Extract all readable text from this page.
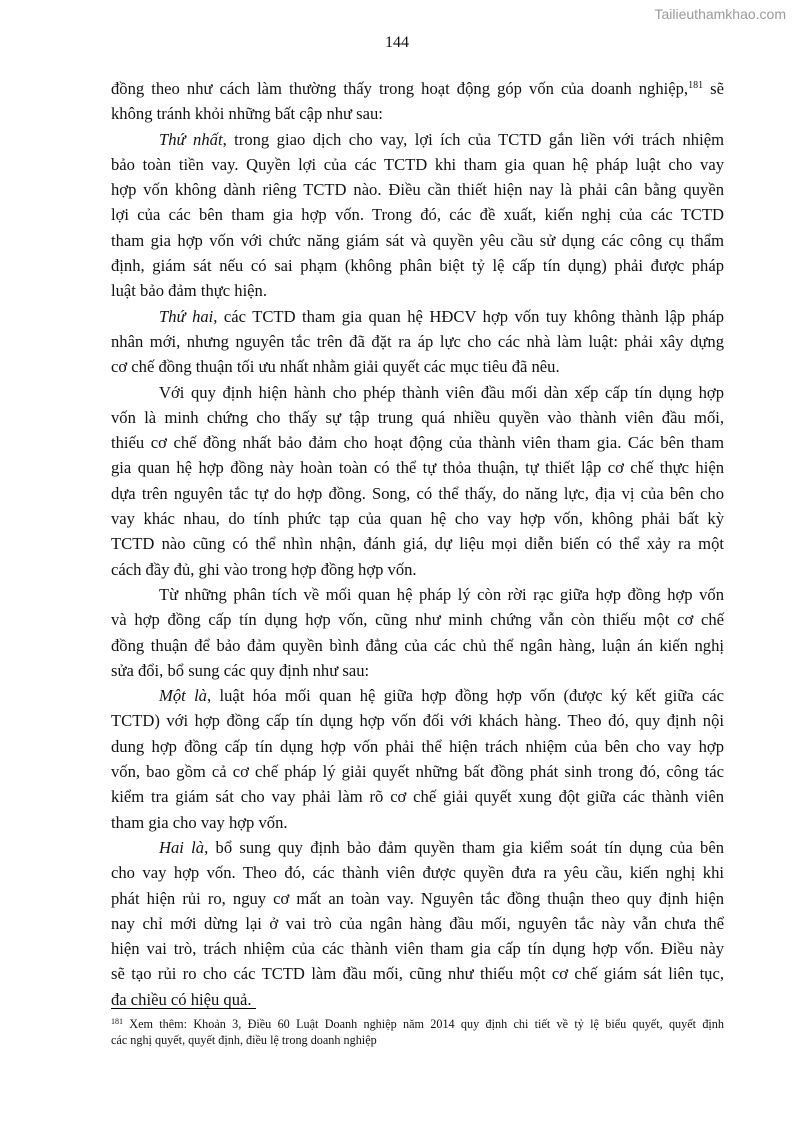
Tailieuthamkhao.com
144
đồng theo như cách làm thường thấy trong hoạt động góp vốn của doanh nghiệp,$^{181}$ sẽ
không tránh khỏi những bất cập như sau:
Thứ nhất, trong giao dịch cho vay, lợi ích của TCTD gắn liền với trách nhiệm
bảo toàn tiền vay. Quyền lợi của các TCTD khi tham gia quan hệ pháp luật cho vay
hợp vốn không dành riêng TCTD nào. Điều cần thiết hiện nay là phải cân bằng quyền
lợi của các bên tham gia hợp vốn. Trong đó, các đề xuất, kiến nghị của các TCTD
tham gia hợp vốn với chức năng giám sát và quyền yêu cầu sử dụng các công cụ thẩm
định, giám sát nếu có sai phạm (không phân biệt tỷ lệ cấp tín dụng) phải được pháp
luật bảo đảm thực hiện.
Thứ hai, các TCTD tham gia quan hệ HĐCV hợp vốn tuy không thành lập pháp
nhân mới, nhưng nguyên tắc trên đã đặt ra áp lực cho các nhà làm luật: phải xây dựng
cơ chế đồng thuận tối ưu nhất nhằm giải quyết các mục tiêu đã nêu.
Với quy định hiện hành cho phép thành viên đầu mối dàn xếp cấp tín dụng hợp
vốn là minh chứng cho thấy sự tập trung quá nhiều quyền vào thành viên đầu mối,
thiếu cơ chế đồng nhất bảo đảm cho hoạt động của thành viên tham gia. Các bên tham
gia quan hệ hợp đồng này hoàn toàn có thể tự thỏa thuận, tự thiết lập cơ chế thực hiện
dựa trên nguyên tắc tự do hợp đồng. Song, có thể thấy, do năng lực, địa vị của bên cho
vay khác nhau, do tính phức tạp của quan hệ cho vay hợp vốn, không phải bất kỳ
TCTD nào cũng có thể nhìn nhận, đánh giá, dự liệu mọi diễn biến có thể xảy ra một
cách đầy đủ, ghi vào trong hợp đồng hợp vốn.
Từ những phân tích về mối quan hệ pháp lý còn rời rạc giữa hợp đồng hợp vốn
và hợp đồng cấp tín dụng hợp vốn, cũng như minh chứng vẫn còn thiếu một cơ chế
đồng thuận để bảo đảm quyền bình đẳng của các chủ thể ngân hàng, luận án kiến nghị
sửa đổi, bổ sung các quy định như sau:
Một là, luật hóa mối quan hệ giữa hợp đồng hợp vốn (được ký kết giữa các
TCTD) với hợp đồng cấp tín dụng hợp vốn đối với khách hàng. Theo đó, quy định nội
dung hợp đồng cấp tín dụng hợp vốn phải thể hiện trách nhiệm của bên cho vay hợp
vốn, bao gồm cả cơ chế pháp lý giải quyết những bất đồng phát sinh trong đó, công tác
kiểm tra giám sát cho vay phải làm rõ cơ chế giải quyết xung đột giữa các thành viên
tham gia cho vay hợp vốn.
Hai là, bổ sung quy định bảo đảm quyền tham gia kiểm soát tín dụng của bên
cho vay hợp vốn. Theo đó, các thành viên được quyền đưa ra yêu cầu, kiến nghị khi
phát hiện rủi ro, nguy cơ mất an toàn vay. Nguyên tắc đồng thuận theo quy định hiện
nay chỉ mới dừng lại ở vai trò của ngân hàng đầu mối, nguyên tắc này vẫn chưa thể
hiện vai trò, trách nhiệm của các thành viên tham gia cấp tín dụng hợp vốn. Điều này
sẽ tạo rủi ro cho các TCTD làm đầu mối, cũng như thiếu một cơ chế giám sát liên tục,
đa chiều có hiệu quả.
$^{181}$ Xem thêm: Khoản 3, Điều 60 Luật Doanh nghiệp năm 2014 quy định chi tiết về tỷ lệ biểu quyết, quyết định
các nghị quyết, quyết định, điều lệ trong doanh nghiệp
